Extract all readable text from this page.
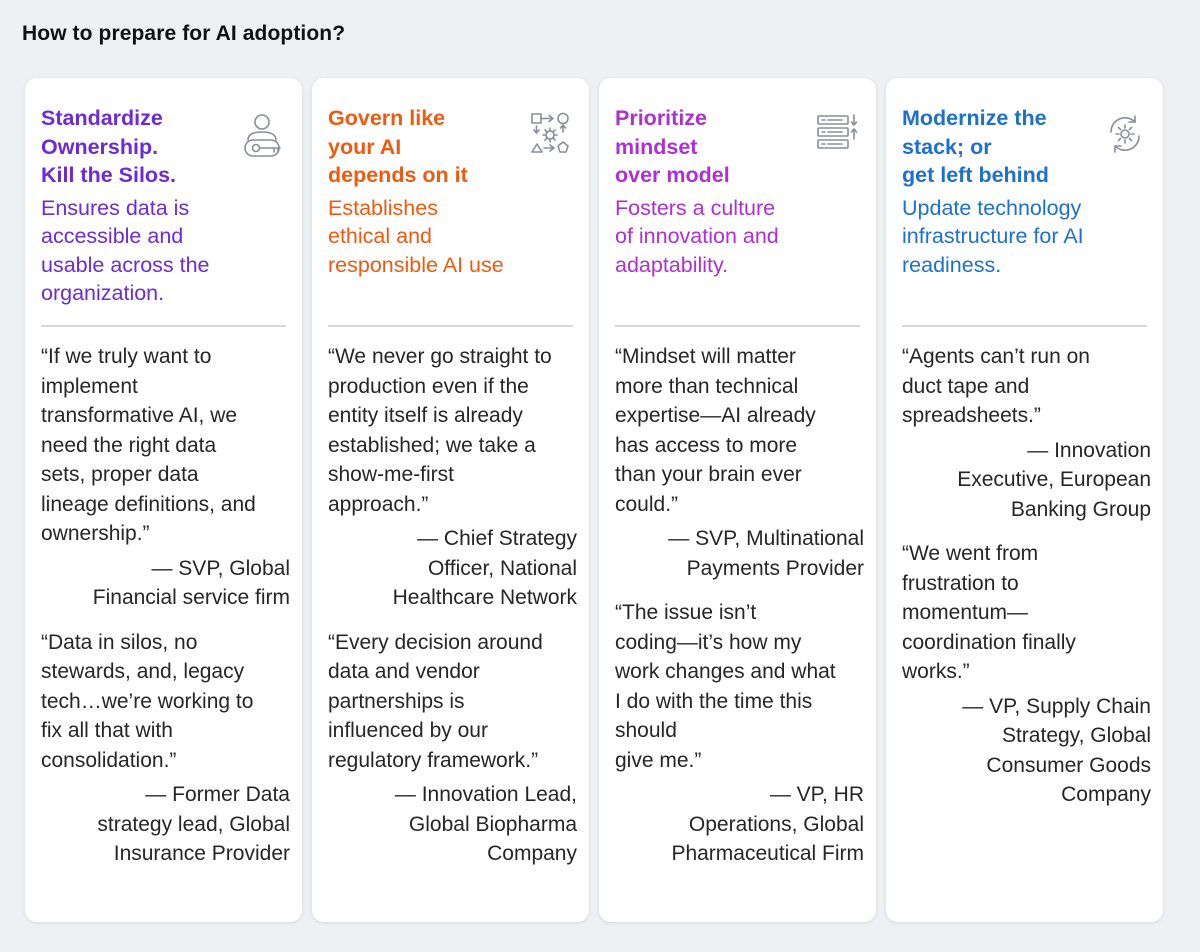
How to prepare for AI adoption?
Standardize
Ownership.
Kill the Silos.
Ensures data is
accessible and
usable across the
organization.
“If we truly want to
implement
transformative AI, we
need the right data
sets, proper data
lineage definitions, and
ownership.”
— SVP, Global
Financial service firm
“Data in silos, no
stewards, and, legacy
tech…we’re working to
fix all that with
consolidation.”
— Former Data
strategy lead, Global
Insurance Provider
Govern like
your AI
depends on it
Establishes
ethical and
responsible AI use
“We never go straight to
production even if the
entity itself is already
established; we take a
show-me-first
approach.”
— Chief Strategy
Officer, National
Healthcare Network
“Every decision around
data and vendor
partnerships is
influenced by our
regulatory framework.”
— Innovation Lead,
Global Biopharma
Company
Prioritize
mindset
over model
Fosters a culture
of innovation and
adaptability.
“Mindset will matter
more than technical
expertise—AI already
has access to more
than your brain ever
could.”
— SVP, Multinational
Payments Provider
“The issue isn’t
coding—it’s how my
work changes and what
I do with the time this
should
give me.”
— VP, HR
Operations, Global
Pharmaceutical Firm
Modernize the
stack; or
get left behind
Update technology
infrastructure for AI
readiness.
“Agents can’t run on
duct tape and
spreadsheets.”
— Innovation
Executive, European
Banking Group
“We went from
frustration to
momentum—
coordination finally
works.”
— VP, Supply Chain
Strategy, Global
Consumer Goods
Company
